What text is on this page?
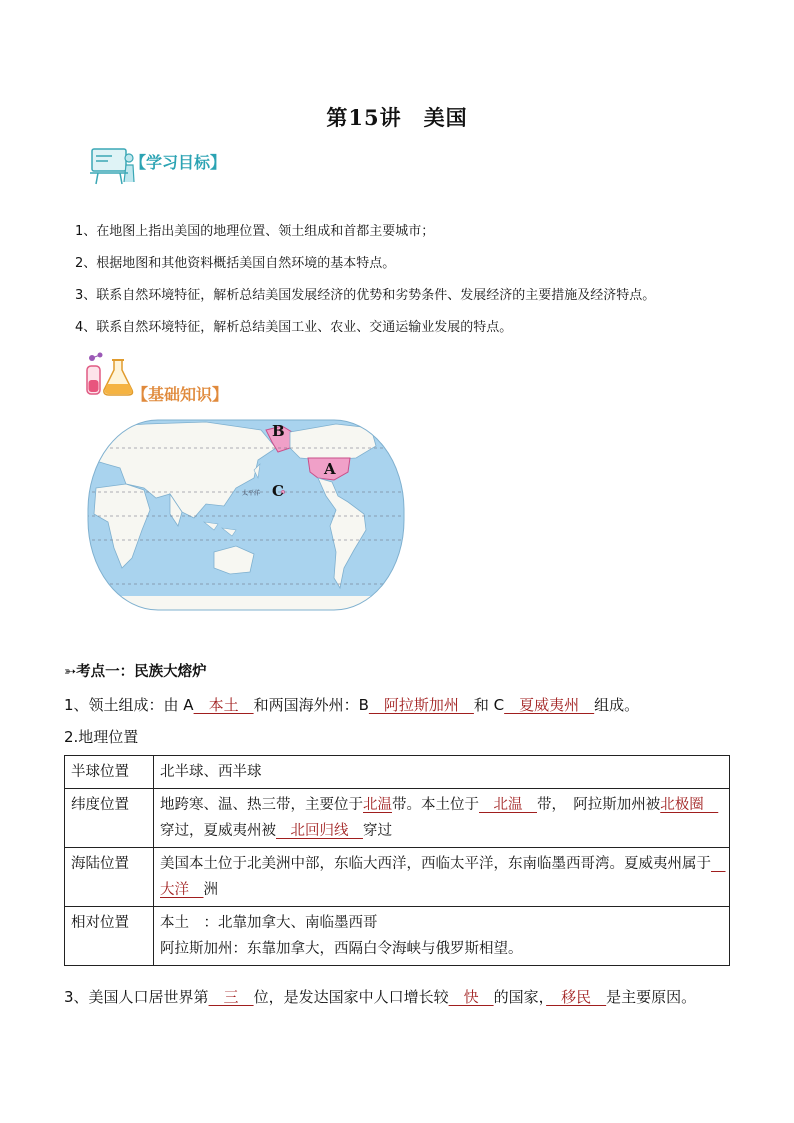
第15讲　美国
【学习目标】
1、在地图上指出美国的地理位置、领土组成和首都主要城市；
2、根据地图和其他资料概括美国自然环境的基本特点。
3、联系自然环境特征，解析总结美国发展经济的优势和劣势条件、发展经济的主要措施及经济特点。
4、联系自然环境特征，解析总结美国工业、农业、交通运输业发展的特点。
【基础知识】
B
A
C
太平洋
➳考点一：民族大熔炉
1、领土组成：由 A　本土　和两国海外州：B　阿拉斯加州　和 C　夏威夷州　组成。
2.地理位置
半球位置	北半球、西半球
纬度位置	地跨寒、温、热三带，主要位于北温带。本土位于　北温　带，　阿拉斯加州被北极圈　穿过，夏威夷州被　北回归线　穿过
海陆位置	美国本土位于北美洲中部，东临大西洋，西临太平洋，东南临墨西哥湾。夏威夷州属于　大洋　洲
相对位置	本土　：北靠加拿大、南临墨西哥
阿拉斯加州：东靠加拿大，西隔白令海峡与俄罗斯相望。
3、美国人口居世界第　三　位，是发达国家中人口增长较　快　的国家，　移民　是主要原因。
